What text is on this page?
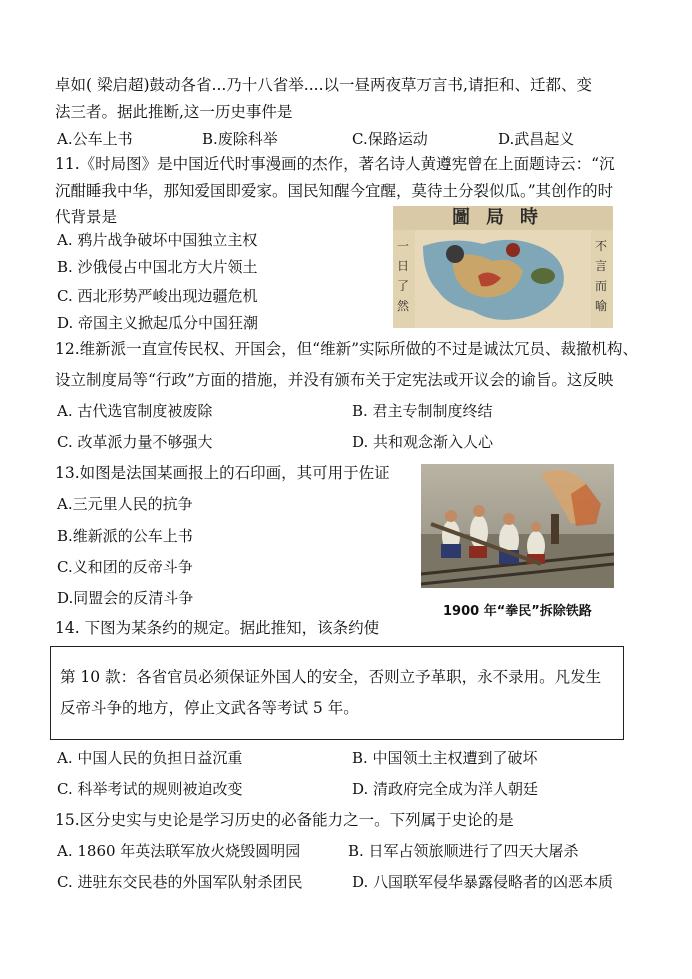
卓如( 梁启超)鼓动各省...乃十八省举....以一昼两夜草万言书,请拒和、迁都、变
法三者。据此推断,这一历史事件是
A.公车上书	B.废除科举	C.保路运动	D.武昌起义
11.《时局图》是中国近代时事漫画的杰作，著名诗人黄遵宪曾在上面题诗云：“沉
沉酣睡我中华，那知爱国即爱家。国民知醒今宜醒，莫待土分裂似瓜。”其创作的时
代背景是
A. 鸦片战争破坏中国独立主权
B. 沙俄侵占中国北方大片领土
C. 西北形势严峻出现边疆危机
D. 帝国主义掀起瓜分中国狂潮
圖局時
一日了然
不言而喻
12.维新派一直宣传民权、开国会，但“维新”实际所做的不过是诚汰冗员、裁撤机构、
设立制度局等“行政”方面的措施，并没有颁布关于定宪法或开议会的谕旨。这反映
A. 古代选官制度被废除	B. 君主专制制度终结
C. 改革派力量不够强大	D. 共和观念渐入人心
13.如图是法国某画报上的石印画，其可用于佐证
A.三元里人民的抗争
B.维新派的公车上书
C.义和团的反帝斗争
D.同盟会的反清斗争
1900 年“拳民”拆除铁路
14. 下图为某条约的规定。据此推知，该条约使
第 10 款：各省官员必须保证外国人的安全，否则立予革职，永不录用。凡发生
反帝斗争的地方，停止文武各等考试 5 年。
A. 中国人民的负担日益沉重	B. 中国领土主权遭到了破坏
C. 科举考试的规则被迫改变	D. 清政府完全成为洋人朝廷
15.区分史实与史论是学习历史的必备能力之一。下列属于史论的是
A. 1860 年英法联军放火烧毁圆明园	B. 日军占领旅顺进行了四天大屠杀
C. 进驻东交民巷的外国军队射杀团民	D. 八国联军侵华暴露侵略者的凶恶本质
